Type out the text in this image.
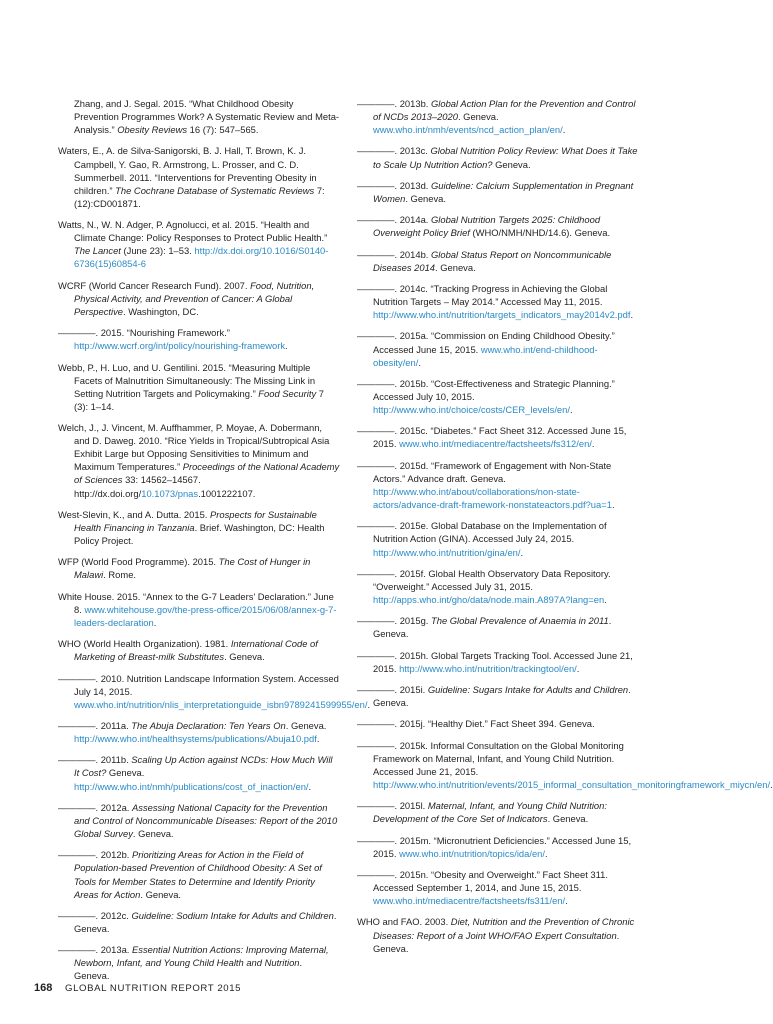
Zhang, and J. Segal. 2015. “What Childhood Obesity Prevention Programmes Work? A Systematic Review and Meta-Analysis.” Obesity Reviews 16 (7): 547–565.

Waters, E., A. de Silva-Sanigorski, B. J. Hall, T. Brown, K. J. Campbell, Y. Gao, R. Armstrong, L. Prosser, and C. D. Summerbell. 2011. “Interventions for Preventing Obesity in children.” The Cochrane Database of Systematic Reviews 7: (12):CD001871.

Watts, N., W. N. Adger, P. Agnolucci, et al. 2015. “Health and Climate Change: Policy Responses to Protect Public Health.” The Lancet (June 23): 1–53. http://dx.doi.org/10.1016/S0140-6736(15)60854-6

WCRF (World Cancer Research Fund). 2007. Food, Nutrition, Physical Activity, and Prevention of Cancer: A Global Perspective. Washington, DC.

————. 2015. “Nourishing Framework.” http://www.wcrf.org/int/policy/nourishing-framework.

Webb, P., H. Luo, and U. Gentilini. 2015. “Measuring Multiple Facets of Malnutrition Simultaneously: The Missing Link in Setting Nutrition Targets and Policymaking.” Food Security 7 (3): 1–14.

Welch, J., J. Vincent, M. Auffhammer, P. Moyae, A. Dobermann, and D. Daweg. 2010. “Rice Yields in Tropical/Subtropical Asia Exhibit Large but Opposing Sensitivities to Minimum and Maximum Temperatures.” Proceedings of the National Academy of Sciences 33: 14562–14567. http://dx.doi.org/10.1073/pnas.1001222107.

West-Slevin, K., and A. Dutta. 2015. Prospects for Sustainable Health Financing in Tanzania. Brief. Washington, DC: Health Policy Project.

WFP (World Food Programme). 2015. The Cost of Hunger in Malawi. Rome.

White House. 2015. “Annex to the G-7 Leaders’ Declaration.” June 8. www.whitehouse.gov/the-press-office/2015/06/08/annex-g-7-leaders-declaration.

WHO (World Health Organization). 1981. International Code of Marketing of Breast-milk Substitutes. Geneva.

————. 2010. Nutrition Landscape Information System. Accessed July 14, 2015. www.who.int/nutrition/nlis_interpretationguide_isbn9789241599955/en/.

————. 2011a. The Abuja Declaration: Ten Years On. Geneva. http://www.who.int/healthsystems/publications/Abuja10.pdf.

————. 2011b. Scaling Up Action against NCDs: How Much Will It Cost? Geneva. http://www.who.int/nmh/publications/cost_of_inaction/en/.

————. 2012a. Assessing National Capacity for the Prevention and Control of Noncommunicable Diseases: Report of the 2010 Global Survey. Geneva.

————. 2012b. Prioritizing Areas for Action in the Field of Population-based Prevention of Childhood Obesity: A Set of Tools for Member States to Determine and Identify Priority Areas for Action. Geneva.

————. 2012c. Guideline: Sodium Intake for Adults and Children. Geneva.

————. 2013a. Essential Nutrition Actions: Improving Maternal, Newborn, Infant, and Young Child Health and Nutrition. Geneva.

————. 2013b. Global Action Plan for the Prevention and Control of NCDs 2013–2020. Geneva. www.who.int/nmh/events/ncd_action_plan/en/.

————. 2013c. Global Nutrition Policy Review: What Does it Take to Scale Up Nutrition Action? Geneva.

————. 2013d. Guideline: Calcium Supplementation in Pregnant Women. Geneva.

————. 2014a. Global Nutrition Targets 2025: Childhood Overweight Policy Brief (WHO/NMH/NHD/14.6). Geneva.

————. 2014b. Global Status Report on Noncommunicable Diseases 2014. Geneva.

————. 2014c. “Tracking Progress in Achieving the Global Nutrition Targets – May 2014.” Accessed May 11, 2015. http://www.who.int/nutrition/targets_indicators_may2014v2.pdf.

————. 2015a. “Commission on Ending Childhood Obesity.” Accessed June 15, 2015. www.who.int/end-childhood-obesity/en/.

————. 2015b. “Cost-Effectiveness and Strategic Planning.” Accessed July 10, 2015. http://www.who.int/choice/costs/CER_levels/en/.

————. 2015c. “Diabetes.” Fact Sheet 312. Accessed June 15, 2015. www.who.int/mediacentre/factsheets/fs312/en/.

————. 2015d. “Framework of Engagement with Non-State Actors.” Advance draft. Geneva. http://www.who.int/about/collaborations/non-state-actors/advance-draft-framework-nonstateactors.pdf?ua=1.

————. 2015e. Global Database on the Implementation of Nutrition Action (GINA). Accessed July 24, 2015. http://www.who.int/nutrition/gina/en/.

————. 2015f. Global Health Observatory Data Repository. “Overweight.” Accessed July 31, 2015. http://apps.who.int/gho/data/node.main.A897A?lang=en.

————. 2015g. The Global Prevalence of Anaemia in 2011. Geneva.

————. 2015h. Global Targets Tracking Tool. Accessed June 21, 2015. http://www.who.int/nutrition/trackingtool/en/.

————. 2015i. Guideline: Sugars Intake for Adults and Children. Geneva.

————. 2015j. “Healthy Diet.” Fact Sheet 394. Geneva.

————. 2015k. Informal Consultation on the Global Monitoring Framework on Maternal, Infant, and Young Child Nutrition. Accessed June 21, 2015. http://www.who.int/nutrition/events/2015_informal_consultation_monitoringframework_miycn/en/.

————. 2015l. Maternal, Infant, and Young Child Nutrition: Development of the Core Set of Indicators. Geneva.

————. 2015m. “Micronutrient Deficiencies.” Accessed June 15, 2015. www.who.int/nutrition/topics/ida/en/.

————. 2015n. “Obesity and Overweight.” Fact Sheet 311. Accessed September 1, 2014, and June 15, 2015. www.who.int/mediacentre/factsheets/fs311/en/.

WHO and FAO. 2003. Diet, Nutrition and the Prevention of Chronic Diseases: Report of a Joint WHO/FAO Expert Consultation. Geneva.

168 GLOBAL NUTRITION REPORT 2015
